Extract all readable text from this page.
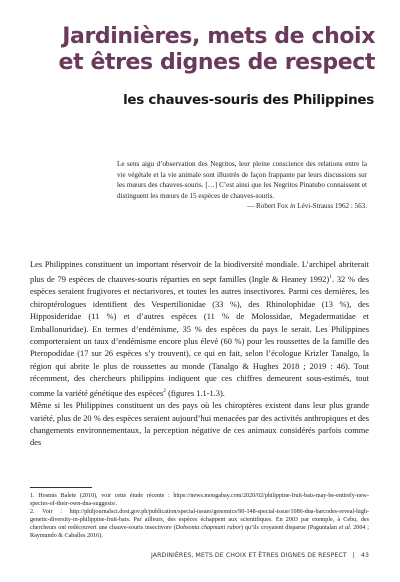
Jardinières, mets de choix
et êtres dignes de respect
les chauves-souris des Philippines
Le sens aigu d’observation des Negritos, leur pleine conscience des relations entre la vie végétale et la vie animale sont illustrés de façon frappante par leurs discussions sur les mœurs des chauves-souris. […] C’est ainsi que les Negritos Pinatubo connaissent et distinguent les mœurs de 15 espèces de chauves-souris.
— Robert Fox in Lévi-Strauss 1962 : 563.

Les Philippines constituent un important réservoir de la biodiversité mondiale. L’archipel abriterait plus de 79 espèces de chauves-souris réparties en sept familles (Ingle & Heaney 1992)$^1$. 32 % des espèces seraient frugivores et nectarivores, et toutes les autres insectivores. Parmi ces dernières, les chiroptérologues identifient des Vespertilionidae (33 %), des Rhinolophidae (13 %), des Hipposideridae (11 %) et d’autres espèces (11 % de Molossidae, Megadermatidae et Emballonuridae). En termes d’endémisme, 35 % des espèces du pays le serait. Les Philippines comporteraient un taux d’endémisme encore plus élevé (60 %) pour les roussettes de la famille des Pteropodidae (17 sur 26 espèces s’y trouvent), ce qui en fait, selon l’écologue Krizler Tanalgo, la région qui abrite le plus de roussettes au monde (Tanalgo & Hughes 2018 ; 2019 : 46). Tout récemment, des chercheurs philippins indiquent que ces chiffres demeurent sous-estimés, tout comme la variété génétique des espèces$^2$ (figures 1.1-1.3).

Même si les Philippines constituent un des pays où les chiroptères existent dans leur plus grande variété, plus de 20 % des espèces seraient aujourd’hui menacées par des activités anthropiques et des changements environnementaux, la perception négative de ces animaux considérés parfois comme des

1. Hosmis Balete (2010), voir cette étude récente : https://news.mongabay.com/2020/02/philippine-fruit-bats-may-be-entirely-new-species-of-their-own-dna-suggests/.

2. Voir : http://philjournalsci.dost.gov.ph/publication/special-issues/genomics/90-148-special-issue/1086-dna-barcodes-reveal-high-genetic-diversity-in-philippine-fruit-bats. Par ailleurs, des espèces échappent aux scientifiques. En 2003 par exemple, à Cebu, des chercheurs ont redécouvert une chauve-souris insectivore (Dobsonia chapmani rabor) qu’ils croyaient disparue (Paguntalan et al. 2004 ; Raymundo & Caballes 2016).

JARDINIÈRES, METS DE CHOIX ET ÊTRES DIGNES DE RESPECT | 43
